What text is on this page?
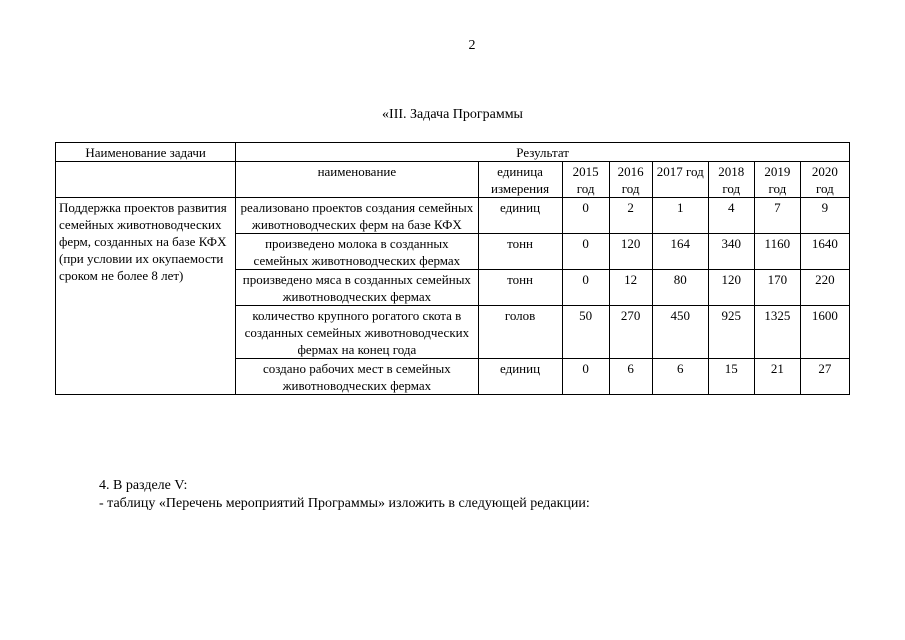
2
«III. Задача Программы
Наименование задачи	Результат							
	наименование	единица измерения	2015 год	2016 год	2017 год	2018 год	2019 год	2020 год
Поддержка проектов развития семейных животноводческих ферм, созданных на базе КФХ (при условии их окупаемости сроком не более 8 лет)	реализовано проектов создания семейных животноводческих ферм на базе КФХ	единиц	0	2	1	4	7	9
	произведено молока в созданных семейных животноводческих фермах	тонн	0	120	164	340	1160	1640
	произведено мяса в созданных семейных животноводческих фермах	тонн	0	12	80	120	170	220
	количество крупного рогатого скота в созданных семейных животноводческих фермах на конец года	голов	50	270	450	925	1325	1600
	создано рабочих мест в семейных животноводческих фермах	единиц	0	6	6	15	21	27
4. В разделе V:
- таблицу «Перечень мероприятий Программы» изложить в следующей редакции:
